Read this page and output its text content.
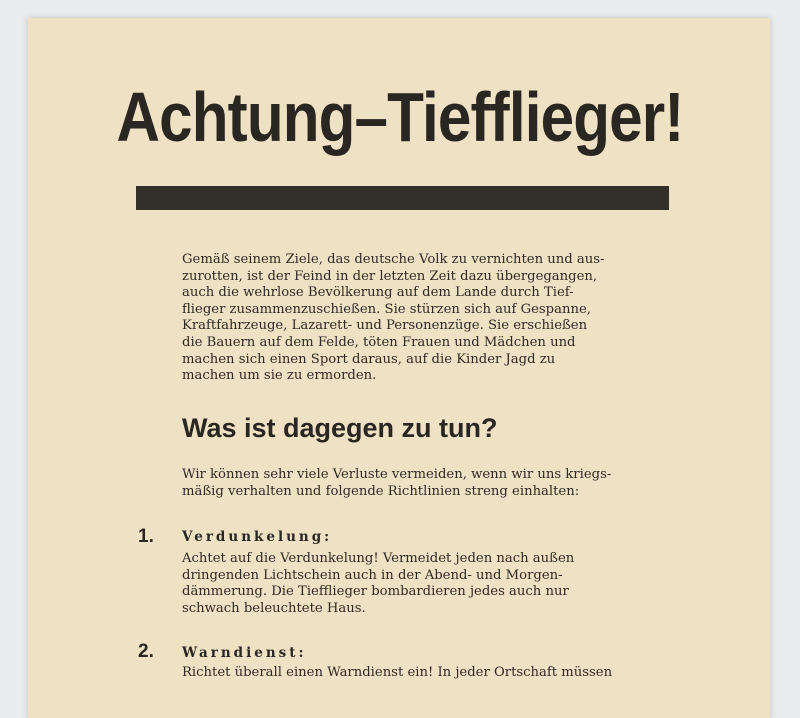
Achtung–Tiefflieger!

Gemäß seinem Ziele, das deutsche Volk zu vernichten und aus-
zurotten, ist der Feind in der letzten Zeit dazu übergegangen,
auch die wehrlose Bevölkerung auf dem Lande durch Tief-
flieger zusammenzuschießen. Sie stürzen sich auf Gespanne,
Kraftfahrzeuge, Lazarett- und Personenzüge. Sie erschießen
die Bauern auf dem Felde, töten Frauen und Mädchen und
machen sich einen Sport daraus, auf die Kinder Jagd zu
machen um sie zu ermorden.

Was ist dagegen zu tun?

Wir können sehr viele Verluste vermeiden, wenn wir uns kriegs-
mäßig verhalten und folgende Richtlinien streng einhalten:

1. Verdunkelung:

Achtet auf die Verdunkelung! Vermeidet jeden nach außen
dringenden Lichtschein auch in der Abend- und Morgen-
dämmerung. Die Tiefflieger bombardieren jedes auch nur
schwach beleuchtete Haus.

2. Warndienst:

Richtet überall einen Warndienst ein! In jeder Ortschaft müssen
